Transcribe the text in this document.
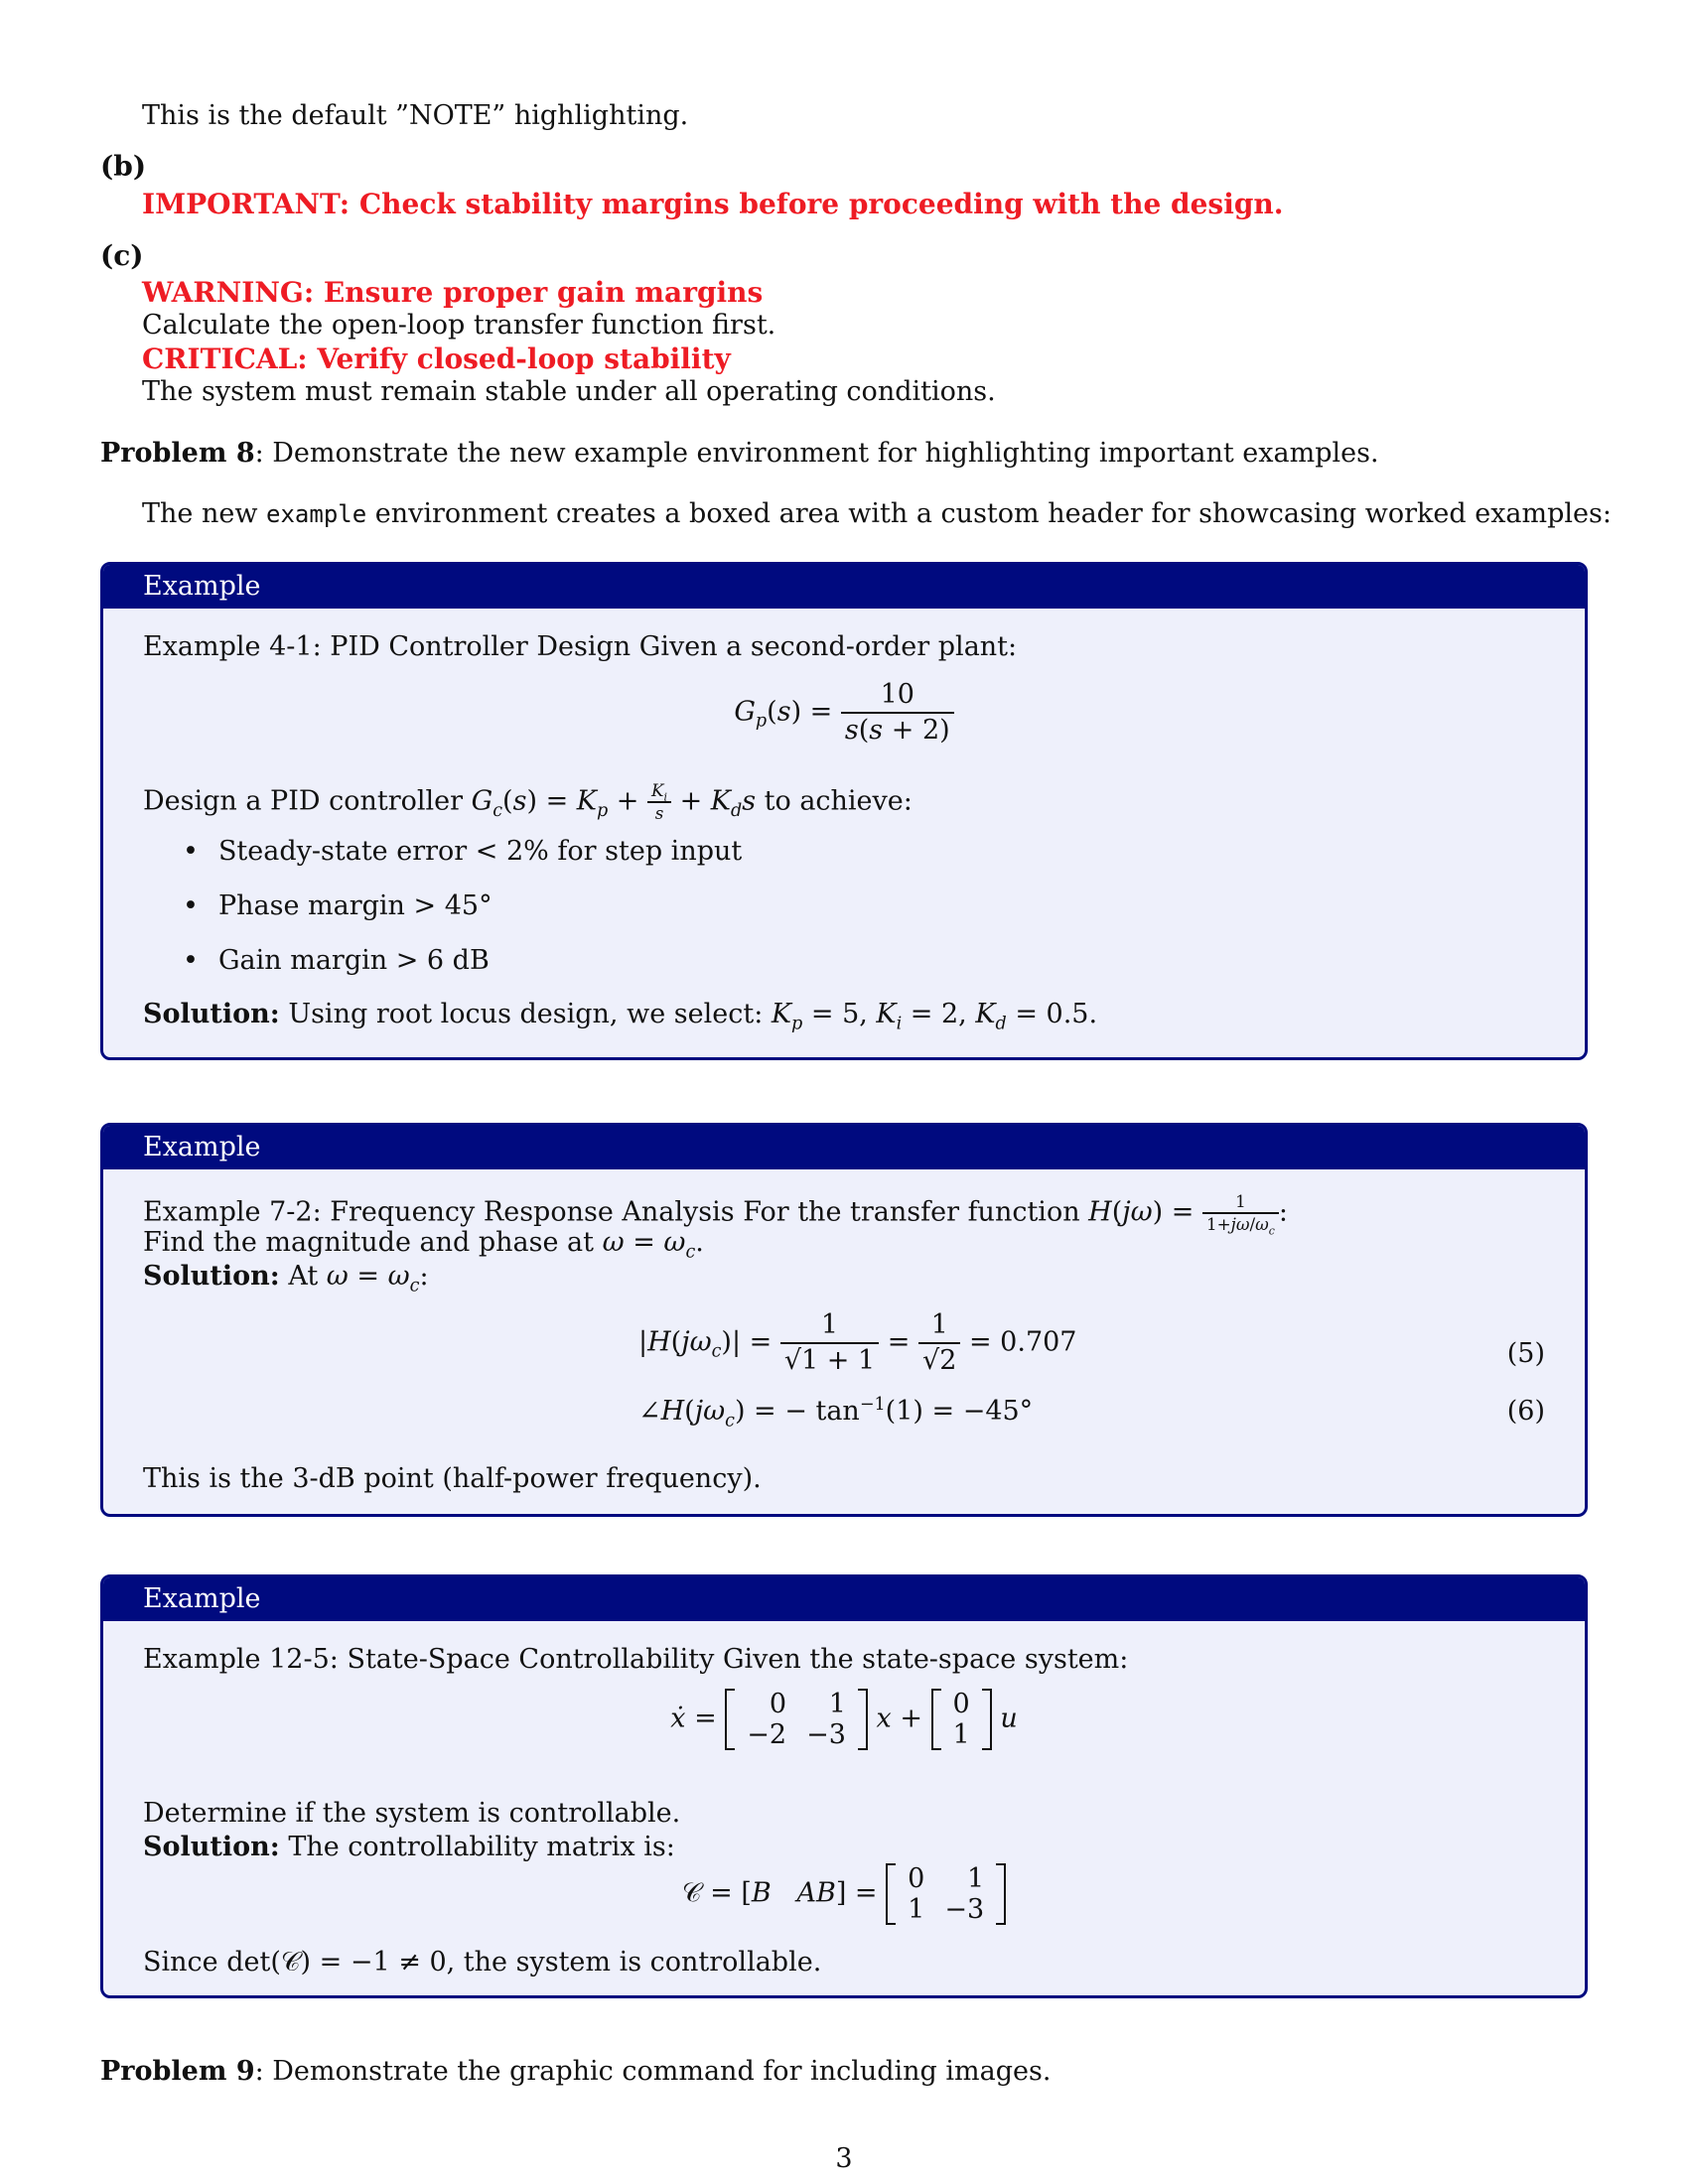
This is the default ”NOTE” highlighting.
(b)
IMPORTANT: Check stability margins before proceeding with the design.
(c)
WARNING: Ensure proper gain margins
Calculate the open-loop transfer function first.
CRITICAL: Verify closed-loop stability
The system must remain stable under all operating conditions.
Problem 8: Demonstrate the new example environment for highlighting important examples.
The new example environment creates a boxed area with a custom header for showcasing worked examples:
Example
Example 4-1: PID Controller Design Given a second-order plant:
$G_p(s) = \frac{10}{s(s + 2)}$
Design a PID controller $G_c(s) = K_p + \frac{K_i}{s} + K_ds$ to achieve:
• Steady-state error < 2% for step input
• Phase margin > 45°
• Gain margin > 6 dB
Solution: Using root locus design, we select: $K_p = 5$, $K_i = 2$, $K_d = 0.5$.
Example
Example 7-2: Frequency Response Analysis For the transfer function $H(j\omega) = \frac{1}{1+j\omega/\omega_c}$ :
Find the magnitude and phase at $\omega = \omega_c$.
Solution: At $\omega = \omega_c$:
$|H(j\omega_c)| = \frac{1}{√1 + 1} = \frac{1}{√2} = 0.707$	(5)
$\angle H(j\omega_c)$ = − $\tan^{-1}(1) = -45^\circ$	(6)
This is the 3-dB point (half-power frequency).
Example
Example 12-5: State-Space Controllability Given the state-space system:
ẋ = 0	1
−2	−3
x + 0
1
u
Determine if the system is controllable.
Solution: The controllability matrix is:
𝒞 = [B AB] = 0	1
1	−3
Since det(𝒞) = −1 ≠ 0, the system is controllable.
Problem 9: Demonstrate the graphic command for including images.
3
